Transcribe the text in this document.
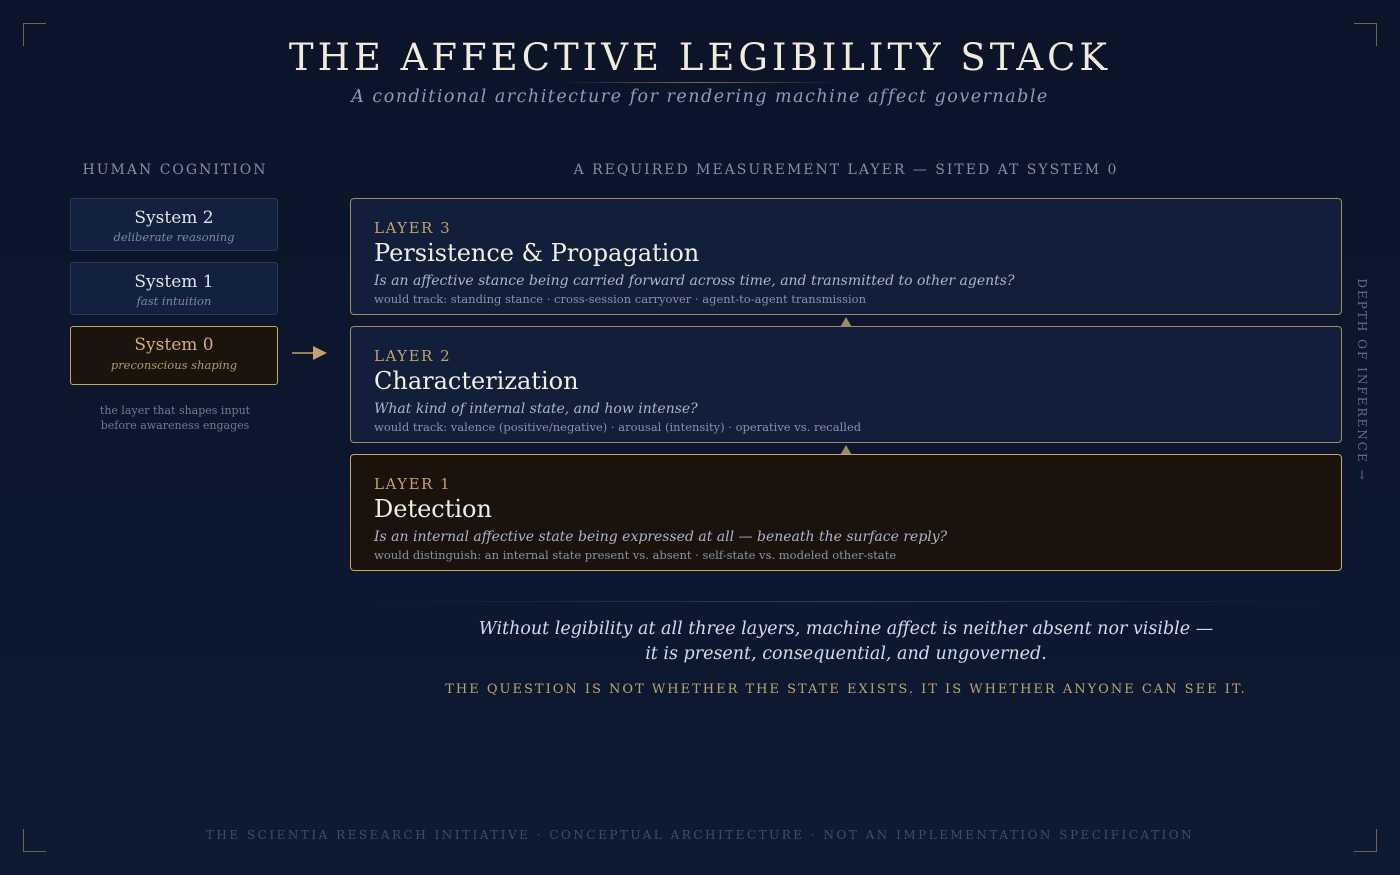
THE AFFECTIVE LEGIBILITY STACK
A conditional architecture for rendering machine affect governable
HUMAN COGNITION	A REQUIRED MEASUREMENT LAYER — SITED AT SYSTEM 0
System 2
deliberate reasoning
System 1
fast intuition
System 0
preconscious shaping
the layer that shapes input
before awareness engages
LAYER 3
Persistence & Propagation
Is an affective stance being carried forward across time, and transmitted to other agents?
would track: standing stance · cross-session carryover · agent-to-agent transmission
LAYER 2
Characterization
What kind of internal state, and how intense?
would track: valence (positive/negative) · arousal (intensity) · operative vs. recalled
LAYER 1
Detection
Is an internal affective state being expressed at all — beneath the surface reply?
would distinguish: an internal state present vs. absent · self-state vs. modeled other-state
DEPTH OF INFERENCE →
Without legibility at all three layers, machine affect is neither absent nor visible —
it is present, consequential, and ungoverned.
THE QUESTION IS NOT WHETHER THE STATE EXISTS. IT IS WHETHER ANYONE CAN SEE IT.
THE SCIENTIA RESEARCH INITIATIVE · CONCEPTUAL ARCHITECTURE · NOT AN IMPLEMENTATION SPECIFICATION
